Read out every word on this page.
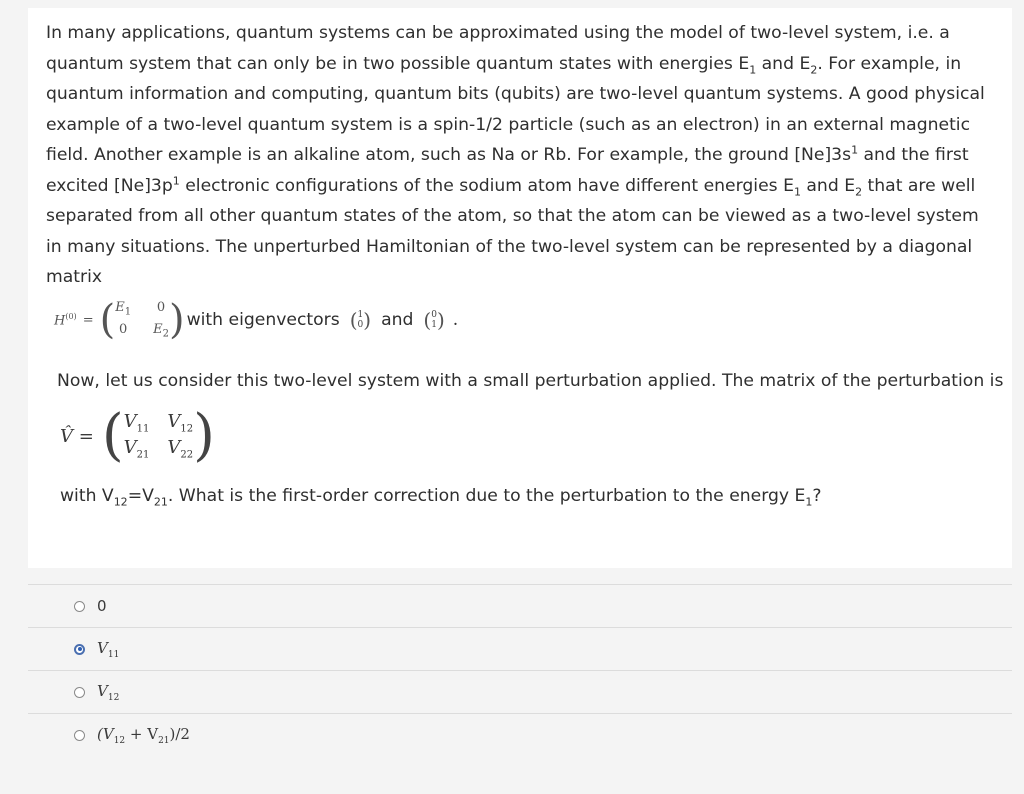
In many applications, quantum systems can be approximated using the model of two-level system, i.e. a quantum system that can only be in two possible quantum states with energies $E_1$ and $E_2$. For example, in quantum information and computing, quantum bits (qubits) are two-level quantum systems. A good physical example of a two-level quantum system is a spin-1/2 particle (such as an electron) in an external magnetic field. Another example is an alkaline atom, such as Na or Rb. For example, the ground $[Ne]3s^1$ and the first excited $[Ne]3p^1$ electronic configurations of the sodium atom have different energies $E_1$ and $E_2$ that are well separated from all other quantum states of the atom, so that the atom can be viewed as a two-level system in many situations. The unperturbed Hamiltonian of the two-level system can be represented by a diagonal matrix
$H^{(0)}$ = ( $E_1$ 0
0 $E_2$ ) with eigenvectors ( 1
0 ) and ( 0
1 ) .
Now, let us consider this two-level system with a small perturbation applied. The matrix of the perturbation is
V̂ = ( $V_{11}$ $V_{12}$
$V_{21}$ $V_{22}$ )
with $V_{12}=V_{21}$. What is the first-order correction due to the perturbation to the energy $E_1$?
0
$V_{11}$
$V_{12}$
$(V_{12} + V_{21})/2$
